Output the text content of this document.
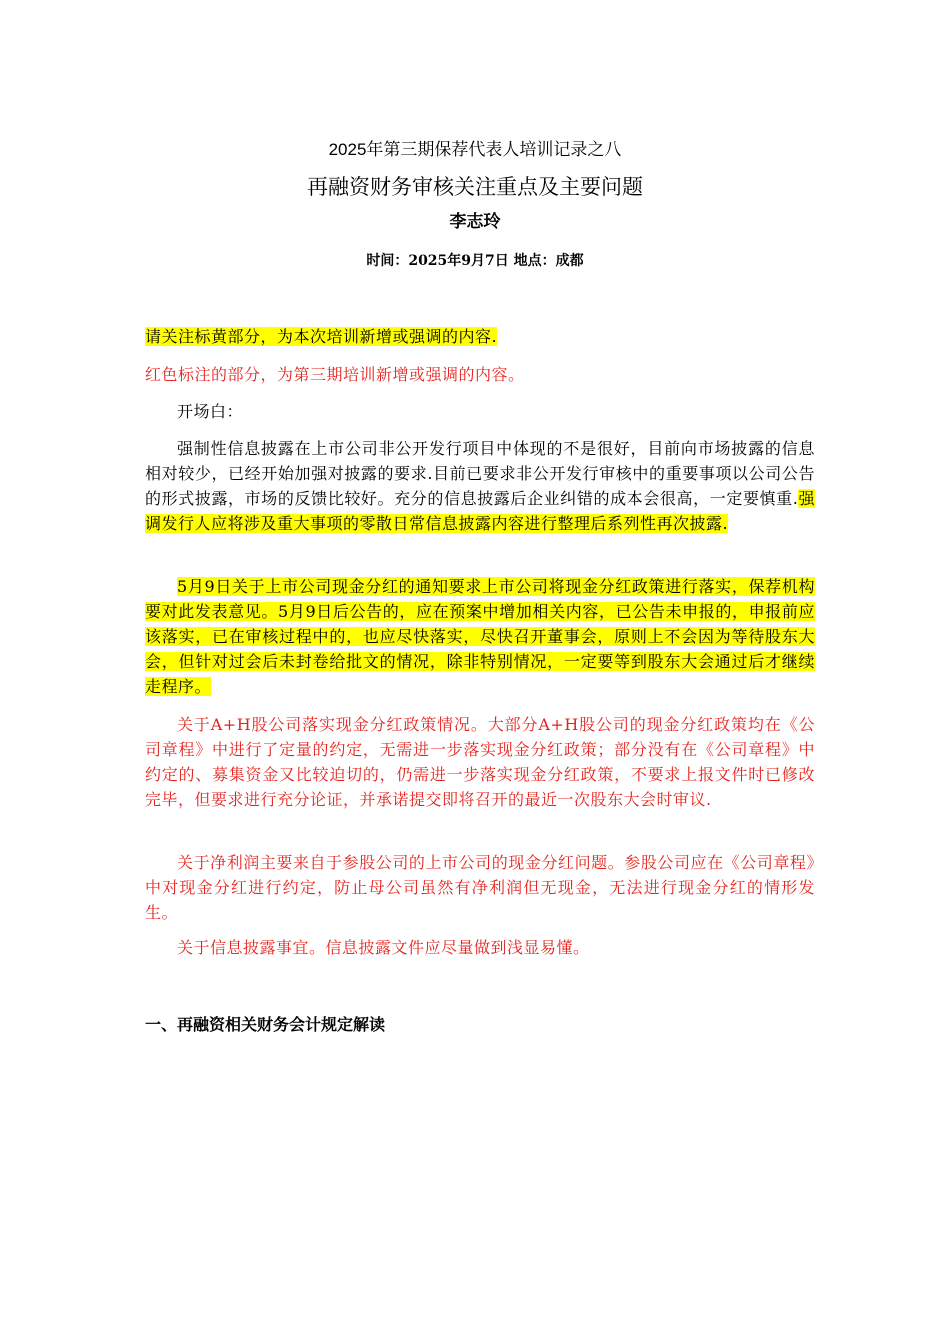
2025年第三期保荐代表人培训记录之八
再融资财务审核关注重点及主要问题
李志玲
时间：2025年9月7日 地点：成都
请关注标黄部分，为本次培训新增或强调的内容.
红色标注的部分，为第三期培训新增或强调的内容。
开场白：
强制性信息披露在上市公司非公开发行项目中体现的不是很好，目前向市场披露的信息相对较少，已经开始加强对披露的要求.目前已要求非公开发行审核中的重要事项以公司公告的形式披露，市场的反馈比较好。充分的信息披露后企业纠错的成本会很高，一定要慎重.强调发行人应将涉及重大事项的零散日常信息披露内容进行整理后系列性再次披露.
5月9日关于上市公司现金分红的通知要求上市公司将现金分红政策进行落实，保荐机构要对此发表意见。5月9日后公告的，应在预案中增加相关内容，已公告未申报的，申报前应该落实，已在审核过程中的，也应尽快落实，尽快召开董事会，原则上不会因为等待股东大会，但针对过会后未封卷给批文的情况，除非特别情况，一定要等到股东大会通过后才继续走程序。
关于A+H股公司落实现金分红政策情况。大部分A+H股公司的现金分红政策均在《公司章程》中进行了定量的约定，无需进一步落实现金分红政策；部分没有在《公司章程》中约定的、募集资金又比较迫切的，仍需进一步落实现金分红政策，不要求上报文件时已修改完毕，但要求进行充分论证，并承诺提交即将召开的最近一次股东大会时审议.
关于净利润主要来自于参股公司的上市公司的现金分红问题。参股公司应在《公司章程》中对现金分红进行约定，防止母公司虽然有净利润但无现金，无法进行现金分红的情形发生。
关于信息披露事宜。信息披露文件应尽量做到浅显易懂。
一、再融资相关财务会计规定解读
